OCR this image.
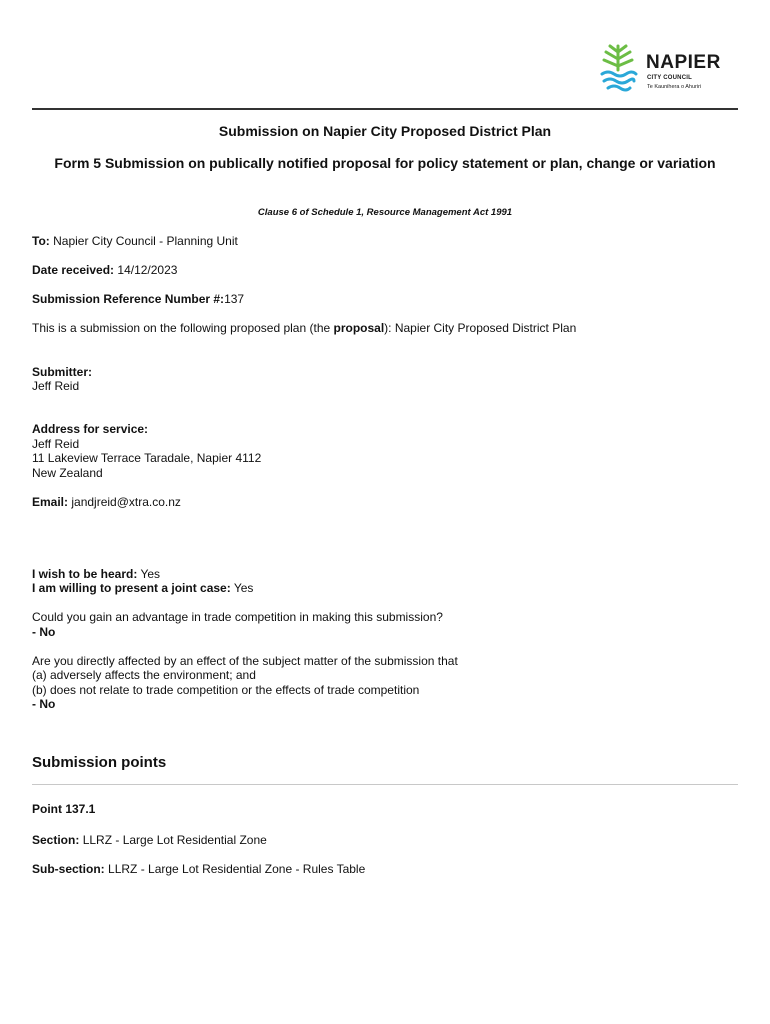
NAPIER
CITY COUNCIL
Te Kaunihera o Ahuriri
Submission on Napier City Proposed District Plan
Form 5 Submission on publically notified proposal for policy statement or plan, change or variation
Clause 6 of Schedule 1, Resource Management Act 1991
To: Napier City Council - Planning Unit
Date received: 14/12/2023
Submission Reference Number #:137
This is a submission on the following proposed plan (the proposal): Napier City Proposed District Plan
Submitter:
Jeff Reid
Address for service:
Jeff Reid
11 Lakeview Terrace Taradale, Napier 4112
New Zealand
Email: jandjreid@xtra.co.nz
I wish to be heard: Yes
I am willing to present a joint case: Yes
Could you gain an advantage in trade competition in making this submission?
- No
Are you directly affected by an effect of the subject matter of the submission that
(a) adversely affects the environment; and
(b) does not relate to trade competition or the effects of trade competition
- No
Submission points
Point 137.1
Section: LLRZ - Large Lot Residential Zone
Sub-section: LLRZ - Large Lot Residential Zone - Rules Table
